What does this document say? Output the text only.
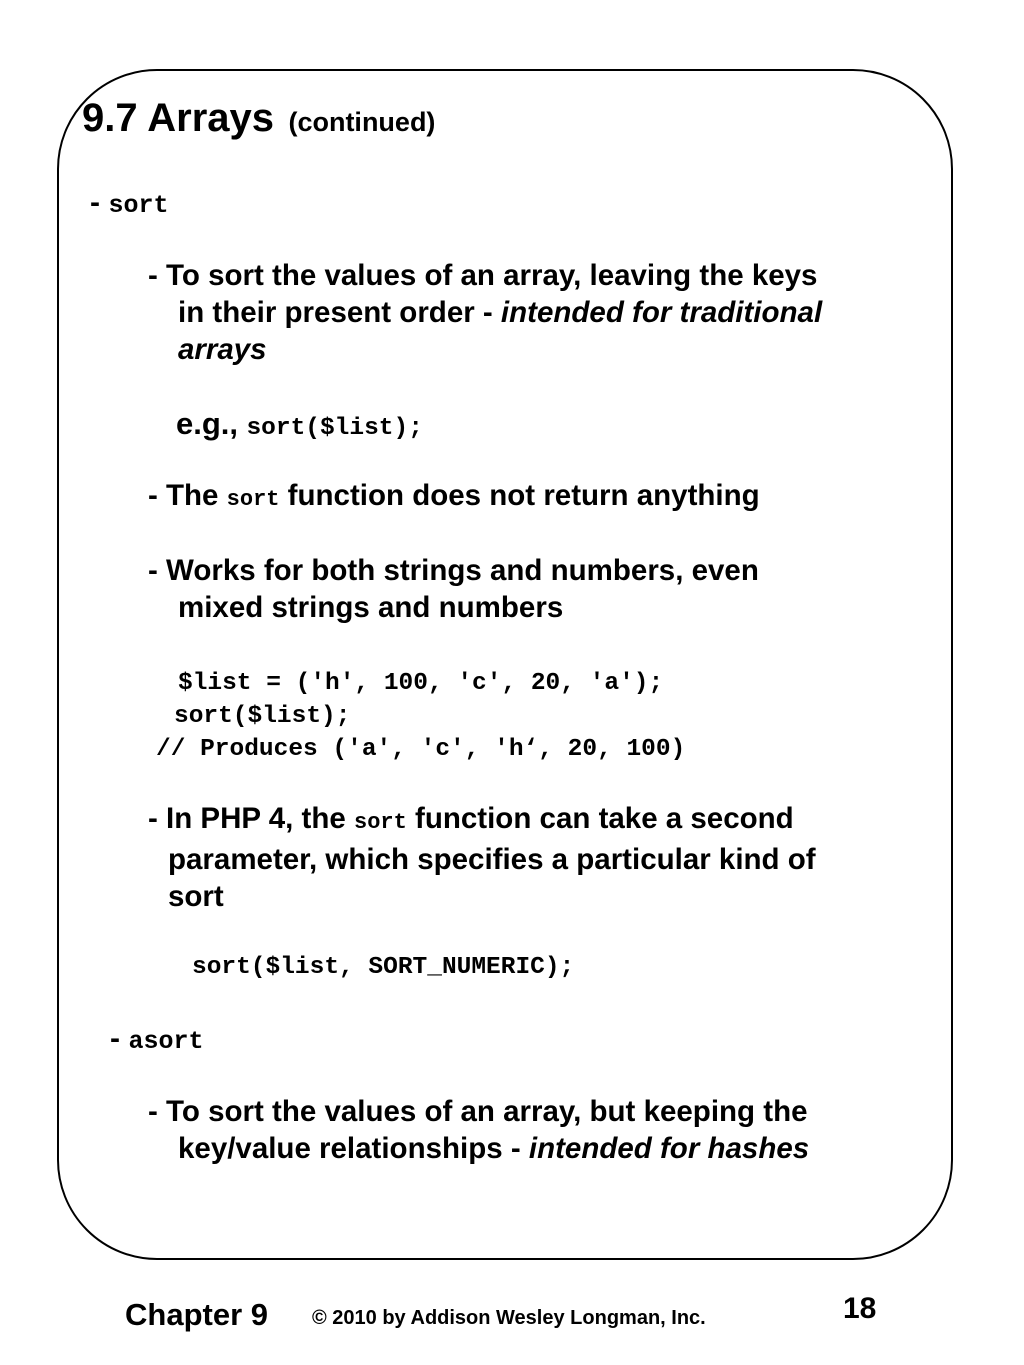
9.7 Arrays (continued)
- sort
- To sort the values of an array, leaving the keys
in their present order - intended for traditional
arrays
e.g., sort($list);
- The sort function does not return anything
- Works for both strings and numbers, even
mixed strings and numbers
$list = ('h', 100, 'c', 20, 'a');
sort($list);
// Produces ('a', 'c', 'h‘, 20, 100)
- In PHP 4, the sort function can take a second
parameter, which specifies a particular kind of
sort
sort($list, SORT_NUMERIC);
- asort
- To sort the values of an array, but keeping the
key/value relationships - intended for hashes
Chapter 9 © 2010 by Addison Wesley Longman, Inc.	18
